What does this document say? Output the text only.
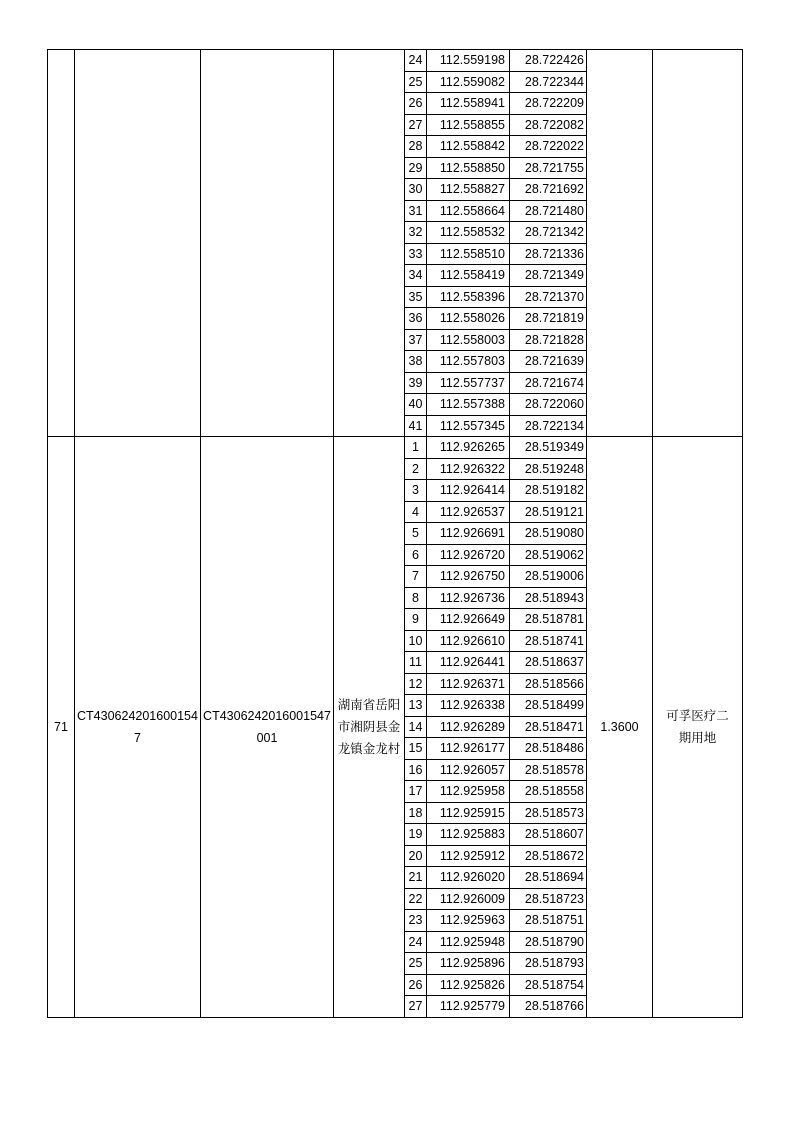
				24	112.559198	28.722426		
				25	112.559082	28.722344		
				26	112.558941	28.722209		
				27	112.558855	28.722082		
				28	112.558842	28.722022		
				29	112.558850	28.721755		
				30	112.558827	28.721692		
				31	112.558664	28.721480		
				32	112.558532	28.721342		
				33	112.558510	28.721336		
				34	112.558419	28.721349		
				35	112.558396	28.721370		
				36	112.558026	28.721819		
				37	112.558003	28.721828		
				38	112.557803	28.721639		
				39	112.557737	28.721674		
				40	112.557388	28.722060		
				41	112.557345	28.722134		
71	CT4306242016001547	CT4306242016001547001	湖南省岳阳市湘阴县金龙镇金龙村	1	112.926265	28.519349	1.3600	可孚医疗二期用地
				2	112.926322	28.519248		
				3	112.926414	28.519182		
				4	112.926537	28.519121		
				5	112.926691	28.519080		
				6	112.926720	28.519062		
				7	112.926750	28.519006		
				8	112.926736	28.518943		
				9	112.926649	28.518781		
				10	112.926610	28.518741		
				11	112.926441	28.518637		
				12	112.926371	28.518566		
				13	112.926338	28.518499		
				14	112.926289	28.518471		
				15	112.926177	28.518486		
				16	112.926057	28.518578		
				17	112.925958	28.518558		
				18	112.925915	28.518573		
				19	112.925883	28.518607		
				20	112.925912	28.518672		
				21	112.926020	28.518694		
				22	112.926009	28.518723		
				23	112.925963	28.518751		
				24	112.925948	28.518790		
				25	112.925896	28.518793		
				26	112.925826	28.518754		
				27	112.925779	28.518766		
